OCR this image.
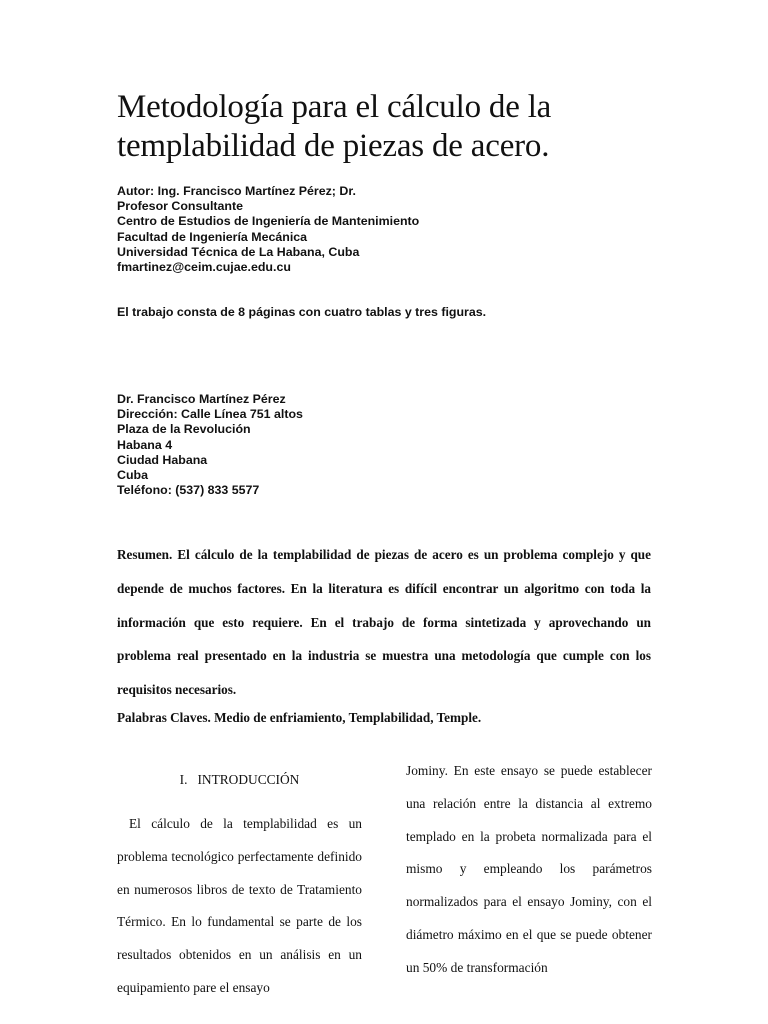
Metodología para el cálculo de la templabilidad de piezas de acero.
Autor: Ing. Francisco Martínez Pérez; Dr.
Profesor Consultante
Centro de Estudios de Ingeniería de Mantenimiento
Facultad de Ingeniería Mecánica
Universidad Técnica de La Habana, Cuba
fmartinez@ceim.cujae.edu.cu
El trabajo consta de 8 páginas con cuatro tablas y tres figuras.
Dr. Francisco Martínez Pérez
Dirección: Calle Línea 751 altos
Plaza de la Revolución
Habana 4
Ciudad Habana
Cuba
Teléfono: (537) 833 5577

Resumen. El cálculo de la templabilidad de piezas de acero es un problema complejo y que depende de muchos factores. En la literatura es difícil encontrar un algoritmo con toda la información que esto requiere. En el trabajo de forma sintetizada y aprovechando un problema real presentado en la industria se muestra una metodología que cumple con los requisitos necesarios.

Palabras Claves. Medio de enfriamiento, Templabilidad, Temple.

I. INTRODUCCIÓN

El cálculo de la templabilidad es un problema tecnológico perfectamente definido en numerosos libros de texto de Tratamiento Térmico. En lo fundamental se parte de los resultados obtenidos en un análisis en un equipamiento pare el ensayo

Jominy. En este ensayo se puede establecer una relación entre la distancia al extremo templado en la probeta normalizada para el mismo y empleando los parámetros normalizados para el ensayo Jominy, con el diámetro máximo en el que se puede obtener un 50% de transformación
